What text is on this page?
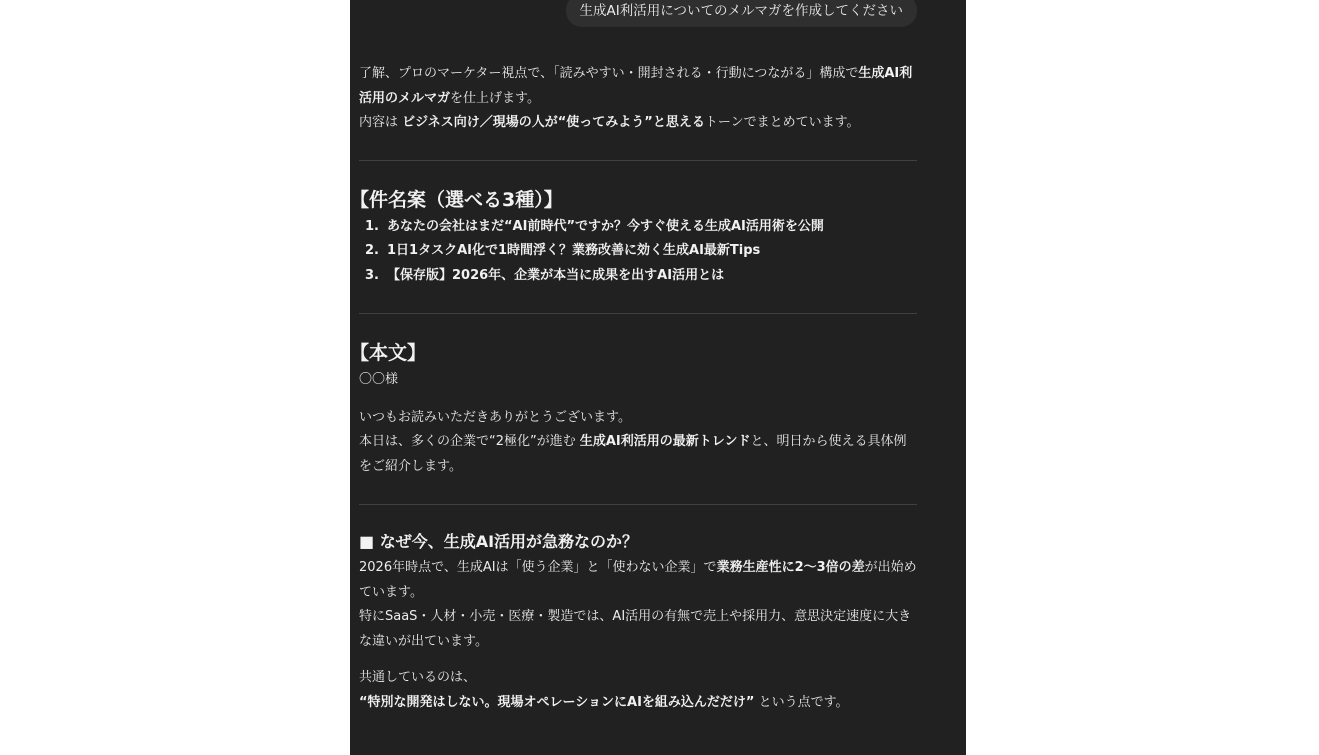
生成AI利活用についてのメルマガを作成してください

了解、プロのマーケター視点で、「読みやすい・開封される・行動につながる」構成で生成AI利活用のメルマガを仕上げます。
内容は ビジネス向け／現場の人が“使ってみよう”と思えるトーンでまとめています。

【件名案（選べる3種）】
1. あなたの会社はまだ“AI前時代”ですか？今すぐ使える生成AI活用術を公開
2. 1日1タスクAI化で1時間浮く？業務改善に効く生成AI最新Tips
3. 【保存版】2026年、企業が本当に成果を出すAI活用とは
【本文】

〇〇様

いつもお読みいただきありがとうございます。
本日は、多くの企業で“2極化”が進む 生成AI利活用の最新トレンドと、明日から使える具体例をご紹介します。

■ なぜ今、生成AI活用が急務なのか？

2026年時点で、生成AIは「使う企業」と「使わない企業」で業務生産性に2〜3倍の差が出始めています。
特にSaaS・人材・小売・医療・製造では、AI活用の有無で売上や採用力、意思決定速度に大きな違いが出ています。

共通しているのは、
“特別な開発はしない。現場オペレーションにAIを組み込んだだけ” という点です。
